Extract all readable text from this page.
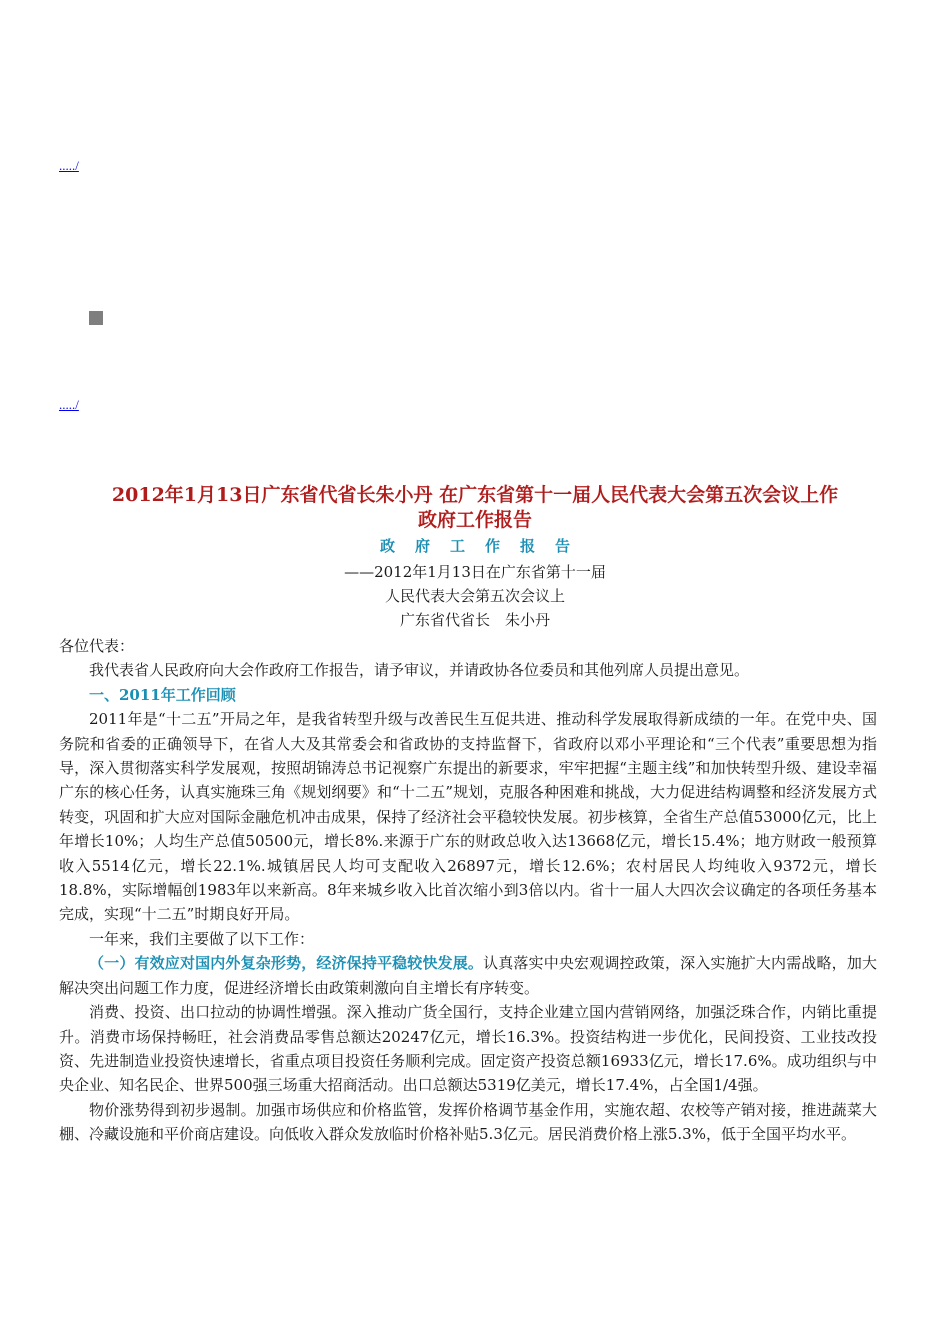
...../
...../
2012年1月13日广东省代省长朱小丹 在广东省第十一届人民代表大会第五次会议上作
政府工作报告
政府工作报告
——2012年1月13日在广东省第十一届
人民代表大会第五次会议上
广东省代省长　朱小丹

各位代表：

我代表省人民政府向大会作政府工作报告，请予审议，并请政协各位委员和其他列席人员提出意见。

一、2011年工作回顾

2011年是“十二五”开局之年，是我省转型升级与改善民生互促共进、推动科学发展取得新成绩的一年。在党中央、国务院和省委的正确领导下，在省人大及其常委会和省政协的支持监督下，省政府以邓小平理论和“三个代表”重要思想为指导，深入贯彻落实科学发展观，按照胡锦涛总书记视察广东提出的新要求，牢牢把握“主题主线”和加快转型升级、建设幸福广东的核心任务，认真实施珠三角《规划纲要》和“十二五”规划，克服各种困难和挑战，大力促进结构调整和经济发展方式转变，巩固和扩大应对国际金融危机冲击成果，保持了经济社会平稳较快发展。初步核算，全省生产总值53000亿元，比上年增长10%；人均生产总值50500元，增长8%.来源于广东的财政总收入达13668亿元，增长15.4%；地方财政一般预算收入5514亿元，增长22.1%.城镇居民人均可支配收入26897元，增长12.6%；农村居民人均纯收入9372元，增长18.8%，实际增幅创1983年以来新高。8年来城乡收入比首次缩小到3倍以内。省十一届人大四次会议确定的各项任务基本完成，实现“十二五”时期良好开局。

一年来，我们主要做了以下工作：

（一）有效应对国内外复杂形势，经济保持平稳较快发展。认真落实中央宏观调控政策，深入实施扩大内需战略，加大解决突出问题工作力度，促进经济增长由政策刺激向自主增长有序转变。

消费、投资、出口拉动的协调性增强。深入推动广货全国行，支持企业建立国内营销网络，加强泛珠合作，内销比重提升。消费市场保持畅旺，社会消费品零售总额达20247亿元，增长16.3%。投资结构进一步优化，民间投资、工业技改投资、先进制造业投资快速增长，省重点项目投资任务顺利完成。固定资产投资总额16933亿元，增长17.6%。成功组织与中央企业、知名民企、世界500强三场重大招商活动。出口总额达5319亿美元，增长17.4%，占全国1/4强。

物价涨势得到初步遏制。加强市场供应和价格监管，发挥价格调节基金作用，实施农超、农校等产销对接，推进蔬菜大棚、冷藏设施和平价商店建设。向低收入群众发放临时价格补贴5.3亿元。居民消费价格上涨5.3%，低于全国平均水平。
